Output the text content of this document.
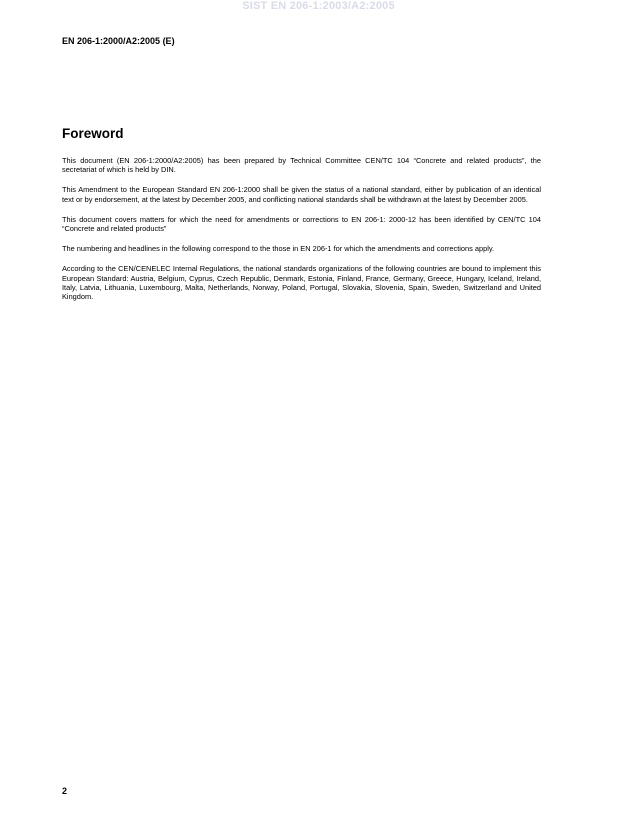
SIST EN 206-1:2003/A2:2005
EN 206-1:2000/A2:2005 (E)
Foreword

This document (EN 206-1:2000/A2:2005) has been prepared by Technical Committee CEN/TC 104 “Concrete and related products”, the secretariat of which is held by DIN.

This Amendment to the European Standard EN 206-1:2000 shall be given the status of a national standard, either by publication of an identical text or by endorsement, at the latest by December 2005, and conflicting national standards shall be withdrawn at the latest by December 2005.

This document covers matters for which the need for amendments or corrections to EN 206-1: 2000-12 has been identified by CEN/TC 104 “Concrete and related products”

The numbering and headlines in the following correspond to the those in EN 206-1 for which the amendments and corrections apply.

According to the CEN/CENELEC Internal Regulations, the national standards organizations of the following countries are bound to implement this European Standard: Austria, Belgium, Cyprus, Czech Republic, Denmark, Estonia, Finland, France, Germany, Greece, Hungary, Iceland, Ireland, Italy, Latvia, Lithuania, Luxembourg, Malta, Netherlands, Norway, Poland, Portugal, Slovakia, Slovenia, Spain, Sweden, Switzerland and United Kingdom.

2
